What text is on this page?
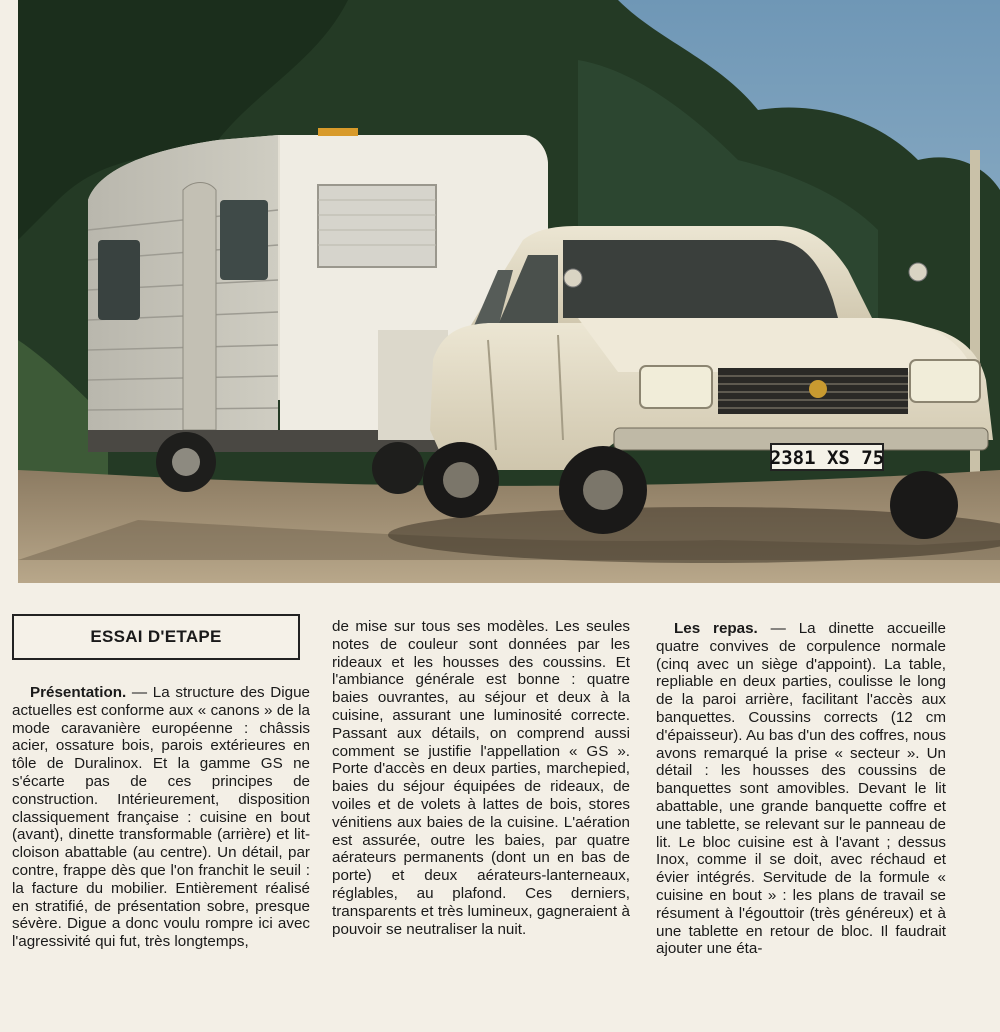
2381 XS 75
ESSAI D'ETAPE

Présentation. — La structure des Digue actuelles est conforme aux « canons » de la mode caravanière européenne : châssis acier, ossature bois, parois extérieures en tôle de Duralinox. Et la gamme GS ne s'écarte pas de ces principes de construction. Intérieurement, disposition classiquement française : cuisine en bout (avant), dinette transformable (arrière) et lit-cloison abattable (au centre). Un détail, par contre, frappe dès que l'on franchit le seuil : la facture du mobilier. Entièrement réalisé en stratifié, de présentation sobre, presque sévère. Digue a donc voulu rompre ici avec l'agressivité qui fut, très longtemps,

de mise sur tous ses modèles. Les seules notes de couleur sont données par les rideaux et les housses des coussins. Et l'ambiance générale est bonne : quatre baies ouvrantes, au séjour et deux à la cuisine, assurant une luminosité correcte. Passant aux détails, on comprend aussi comment se justifie l'appellation « GS ». Porte d'accès en deux parties, marchepied, baies du séjour équipées de rideaux, de voiles et de volets à lattes de bois, stores vénitiens aux baies de la cuisine. L'aération est assurée, outre les baies, par quatre aérateurs permanents (dont un en bas de porte) et deux aérateurs-lanterneaux, réglables, au plafond. Ces derniers, transparents et très lumineux, gagneraient à pouvoir se neutraliser la nuit.

Les repas. — La dinette accueille quatre convives de corpulence normale (cinq avec un siège d'appoint). La table, repliable en deux parties, coulisse le long de la paroi arrière, facilitant l'accès aux banquettes. Coussins corrects (12 cm d'épaisseur). Au bas d'un des coffres, nous avons remarqué la prise « secteur ». Un détail : les housses des coussins de banquettes sont amovibles. Devant le lit abattable, une grande banquette coffre et une tablette, se relevant sur le panneau de lit. Le bloc cuisine est à l'avant ; dessus Inox, comme il se doit, avec réchaud et évier intégrés. Servitude de la formule « cuisine en bout » : les plans de travail se résument à l'égouttoir (très généreux) et à une tablette en retour de bloc. Il faudrait ajouter une éta-
